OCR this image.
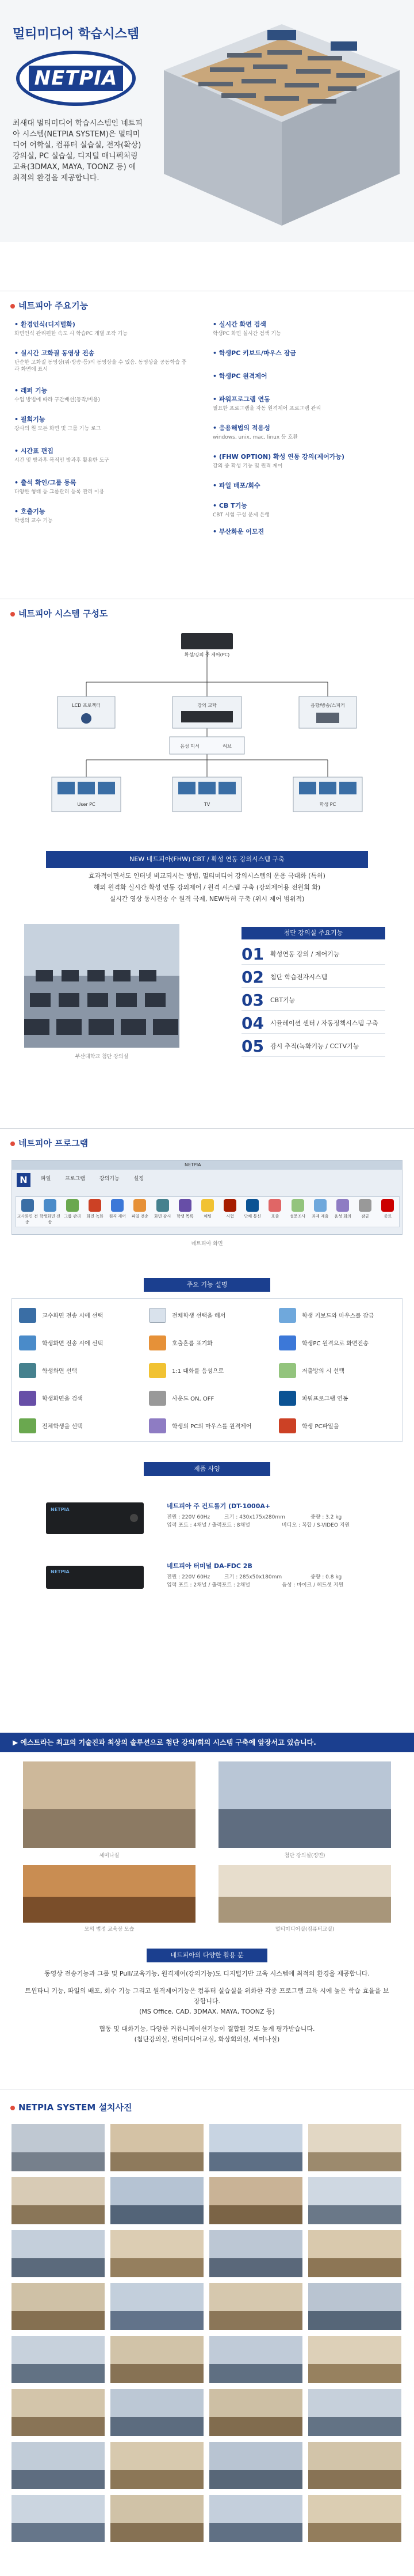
멀티미디어 학습시스템
NETPIA
최새대 멀티미디어 학습시스템인 네트피아 시스템(NETPIA SYSTEM)은 멀티미디어 어학실, 컴퓨터 실습실, 전자(확상)강의실, PC 실습실, 디지털 매니펙처링 교육(3DMAX, MAYA, TOONZ 등) 에 최적의 환경을 제공합니다.
네트피아 주요기능
• 환경인식(디지털화)
화면인식 관리편한 속도 시 학습PC 개별 조작 기능
• 실시간 고화질 동영상 전송
단순한 고화질 동영상(위·방송·등)의 동영상을 수 있음. 동영상을 공동학습 중과 화면에 표시
• 래퍼 기능
수업 방법에 따라 구간배선(동작/비용)
• 필회기능
강사의 원 모든 화면 및 그룹 기능 로그
• 시간표 편집
시간 및 방과후 목적인 방과후 활용한 도구
• 출석 확인/그룹 등록
다양한 형태 등 그룹관리 등록 관리 이용
• 호출기능
학생의 교수 기능
• 실시간 화면 검색
학생PC 화면 실시간 검색 기능
• 학생PC 키보드/마우스 잠금
• 학생PC 원격제어
• 파워프로그램 연동
필요한 프로그램을 자동 원격제어 프로그램 관리
• 응용해법의 적용성
windows, unix, mac, linux 등 호환
• (FHW OPTION) 확성 연동 강의(제어가능)
강의 중 확성 기능 및 원격 제어
• 파일 배포/회수
• CB T기능
CBT 시험 구성 문제 은행
• 부산화운 이모진
네트피아 시스템 구성도
확성/강의 주 제어(PC)
LCD 프로젝터	강의 교탁	음향/방송/스피커
음성 믹서	허브
User PC	TV	학생 PC
NEW 네트피아(FHW) CBT / 확성 연동 강의시스템 구축
효과적이면서도 인터넷 비교되시는 방법, 멀티미디어 강의시스템의 운용 극대화 (특허)
해외 원격화 실시간 확성 연동 강의제어 / 원격 시스템 구축 (강의제어용 전원회 화)
실시간 영상 동시전송 수 원격 극제, NEW특허 구축 (위시 제어 범위적)
부산대학교 첨단 강의실
첨단 강의실 주요기능
01 확성연동 강의 / 제어기능
02 첨단 학습전자시스템
03 CBT기능
04 시뮬레이션 센터 / 자동정책시스템 구축
05 감시 추적(녹화기능 / CCTV기능
네트피아 프로그램
NETPIA
N	파일	프로그램	강의기능	설정
교사화면 전송
학생화면 전송
그룹 관리	화면 녹화	원격 제어	파일 전송	화면 감시	학생 목록	채팅	시험	단체 통신	호출	설문조사	과제 제출	음성 회의	잠금	종료
네트피아 화면
주요 기능 설명
교수화면 전송 시에 선택	전체학생 선택을 해서	학생 키보드와 마우스를 잠금
학생화면 전송 시에 선택	호출흔름 표기화	학생PC 원격으로 화면전송
학생화면 선택	1:1 대화를 음성으로	저출방의 시 선택
학생화면을 검색	사운드 ON, OFF	파워프로그램 연동
전체학생을 선택	학생의 PC의 마우스를 원격제어	학생 PC파일을
제품 사양
NETPIA	네트피아 주 컨트롤기 (DT-1000A+
전원 : 220V 60Hz	크기 : 430x175x280mm	중량 : 3.2 kg
입력 포트 : 4채널 / 출력포트 : 8채널	비디오 : 복합 / S-VIDEO 지원
NETPIA
네트피아 터미널 DA-FDC 2B
전원 : 220V 60Hz	크기 : 285x50x180mm	중량 : 0.8 kg
입력 포트 : 2채널 / 출력포트 : 2채널	음성 : 마이크 / 헤드셋 지원
▶ 에스트라는 최고의 기술진과 최상의 솔루션으로 첨단 강의/회의 시스템 구축에 앞장서고 있습니다.
세미나실	첨단 강의실(정면)
모의 법정 교육장 모습	멀티미디어실(컴퓨터교실)
네트피아의 다양한 활용 분
동영상 전송기능과 그룹 및 Pull/교육기능, 원격제어(강의기능)도 디지털기반 교육 시스템에 최적의 환경을 제공합니다.
트윈타니 기능, 파일의 배포, 회수 기능 그리고 원격제어기능은 컴퓨터 실습실을 위화한 각종 프로그램 교육 시에 높은 학습 효율을 보장합니다.
(MS Office, CAD, 3DMAX, MAYA, TOONZ 등)
협동 및 대화기능, 다양한 커뮤니케이션기능이 결합된 것도 높게 평가받습니다.
(첨단강의실, 멀티미디어교실, 화상회의실, 세미나실)
NETPIA SYSTEM 설치사진
